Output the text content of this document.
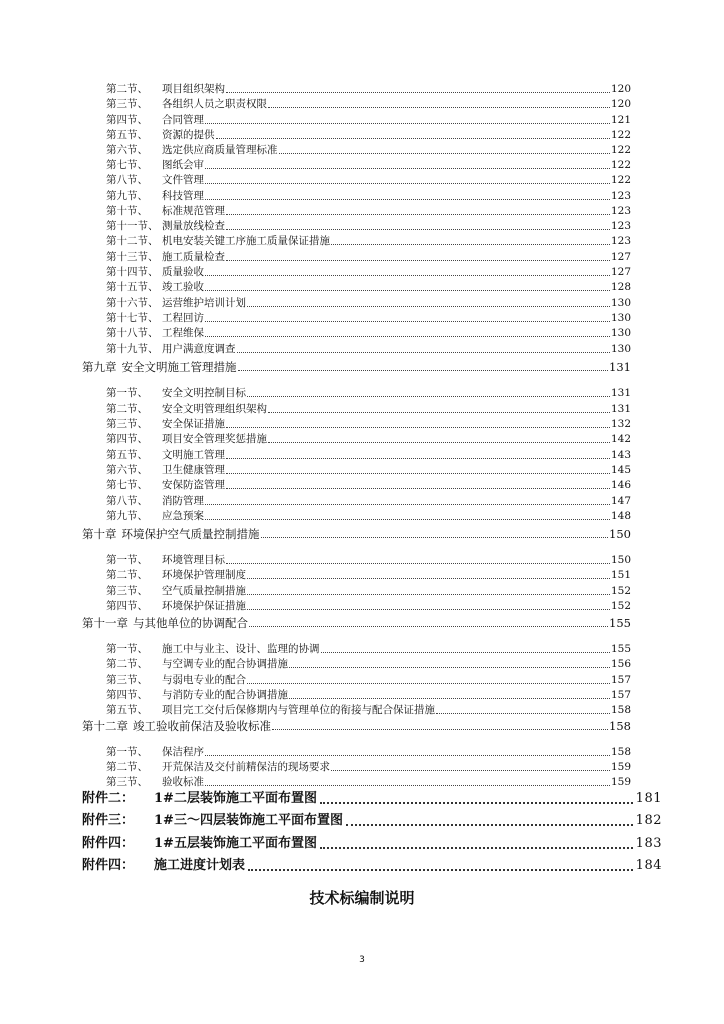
第二节、	项目组织架构	120
第三节、	各组织人员之职责权限	120
第四节、	合同管理	121
第五节、	资源的提供	122
第六节、	选定供应商质量管理标准	122
第七节、	图纸会审	122
第八节、	文件管理	122
第九节、	科技管理	123
第十节、	标准规范管理	123
第十一节、 测量放线检查	123
第十二节、 机电安装关键工序施工质量保证措施	123
第十三节、 施工质量检查	127
第十四节、 质量验收	127
第十五节、 竣工验收	128
第十六节、 运营维护培训计划	130
第十七节、 工程回访	130
第十八节、 工程维保	130
第十九节、 用户满意度调查	130
第九章 安全文明施工管理措施	131
第一节、	安全文明控制目标	131
第二节、	安全文明管理组织架构	131
第三节、	安全保证措施	132
第四节、	项目安全管理奖惩措施	142
第五节、	文明施工管理	143
第六节、	卫生健康管理	145
第七节、	安保防盗管理	146
第八节、	消防管理	147
第九节、	应急预案	148
第十章 环境保护空气质量控制措施	150
第一节、	环境管理目标	150
第二节、	环境保护管理制度	151
第三节、	空气质量控制措施	152
第四节、	环境保护保证措施	152
第十一章 与其他单位的协调配合	155
第一节、	施工中与业主、设计、监理的协调	155
第二节、	与空调专业的配合协调措施	156
第三节、	与弱电专业的配合	157
第四节、	与消防专业的配合协调措施	157
第五节、	项目完工交付后保修期内与管理单位的衔接与配合保证措施	158
第十二章 竣工验收前保洁及验收标准	158
第一节、	保洁程序	158
第二节、	开荒保洁及交付前精保洁的现场要求	159
第三节、	验收标准	159
附件二：	1#二层装饰施工平面布置图	181
附件三：	1#三～四层装饰施工平面布置图	182
附件四：	1#五层装饰施工平面布置图	183
附件四：	施工进度计划表	184
技术标编制说明
3
